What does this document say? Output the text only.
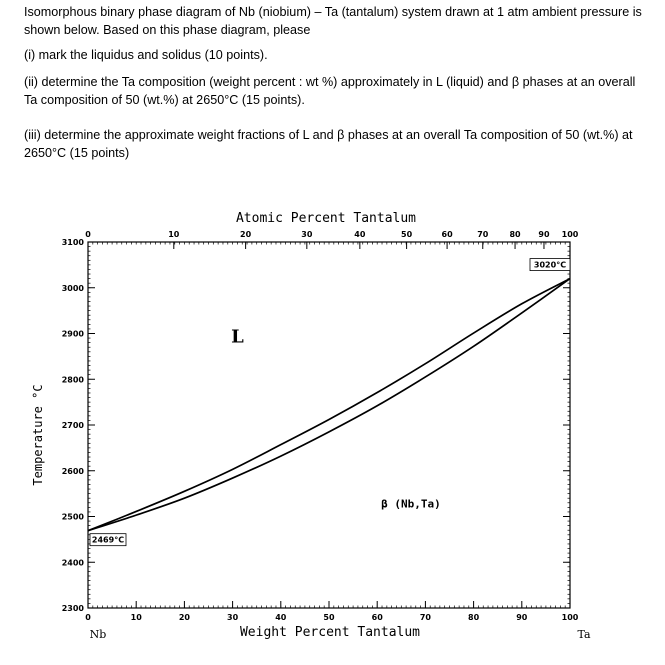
Isomorphous binary phase diagram of Nb (niobium) – Ta (tantalum) system drawn at 1 atm ambient pressure is shown below. Based on this phase diagram, please

(i) mark the liquidus and solidus (10 points).

(ii) determine the Ta composition (weight percent : wt %) approximately in L (liquid) and β phases at an overall Ta composition of 50 (wt.%) at 2650°C (15 points).

(iii) determine the approximate weight fractions of L and β phases at an overall Ta composition of 50 (wt.%) at 2650°C (15 points)

0	10	20	30	40	50	60	70	80	90	100
2300
2400
2500
2600
2700
2800
2900
3000
3100
0	10	20	30	40	50	60	70	80 90 100
3020°C
2469°C
L
β (Nb,Ta)
Atomic Percent Tantalum
Weight Percent Tantalum
Temperature °C
Nb	Ta
